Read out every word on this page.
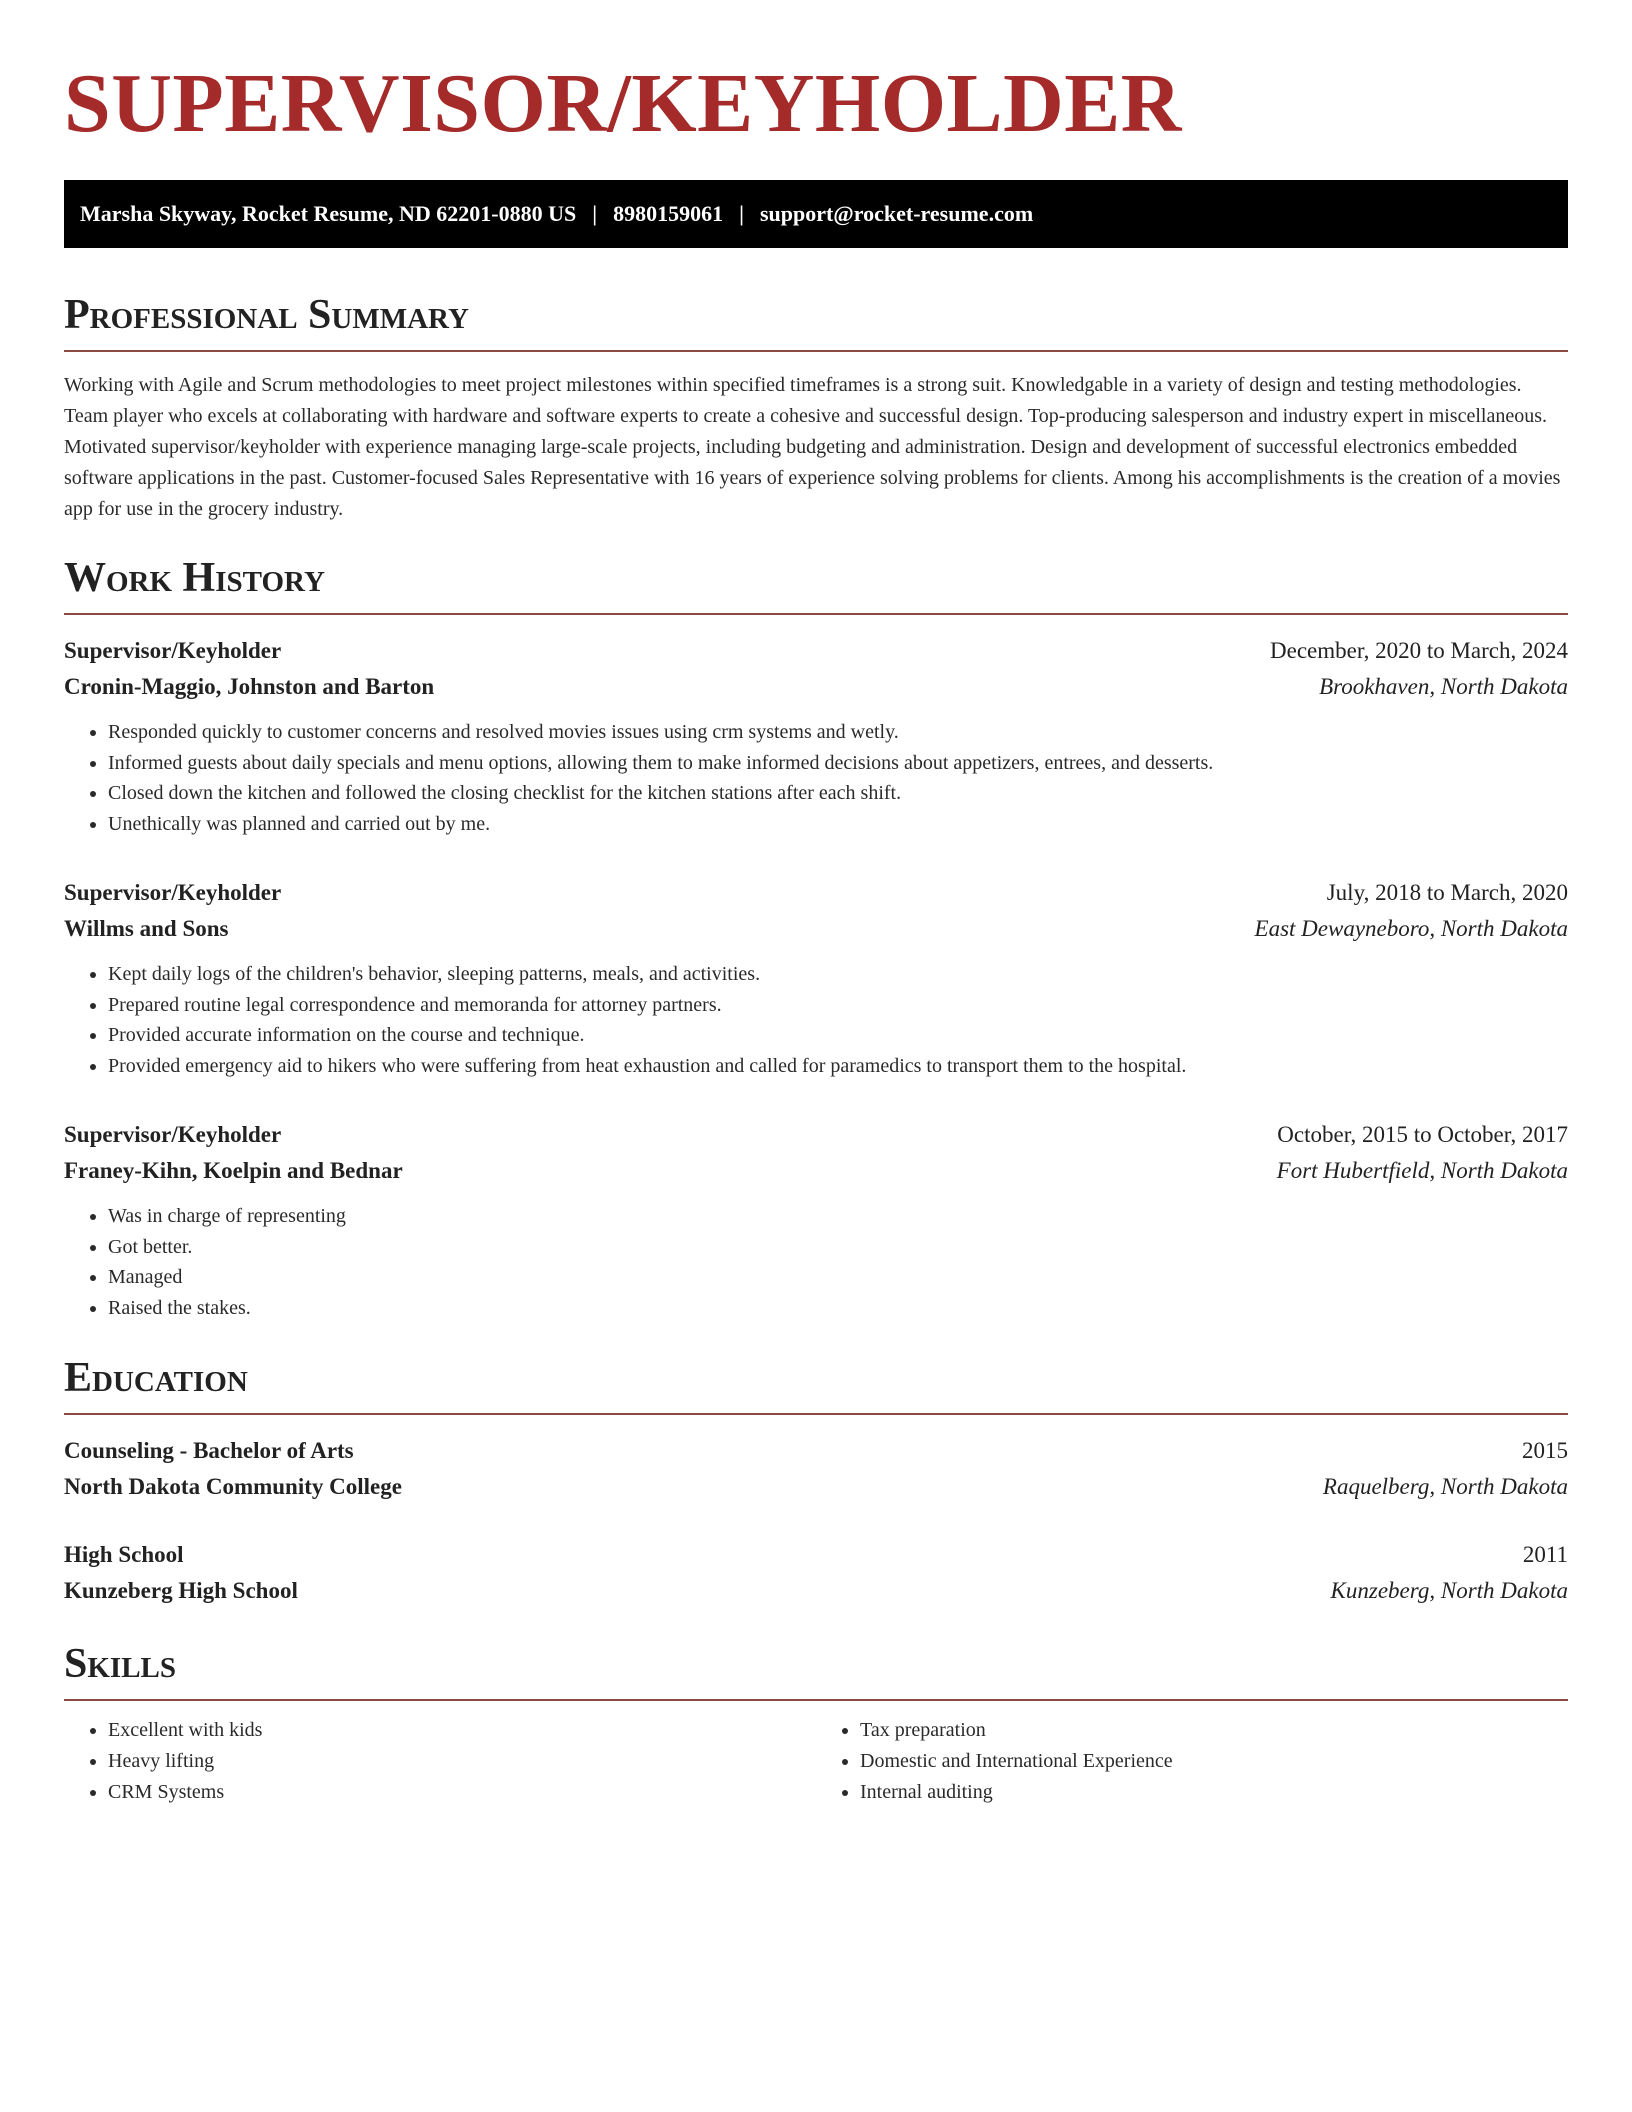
SUPERVISOR/KEYHOLDER
Marsha Skyway, Rocket Resume, ND 62201-0880 US | 8980159061 | support@rocket-resume.com
Professional Summary

Working with Agile and Scrum methodologies to meet project milestones within specified timeframes is a strong suit. Knowledgable in a variety of design and testing methodologies. Team player who excels at collaborating with hardware and software experts to create a cohesive and successful design. Top-producing salesperson and industry expert in miscellaneous. Motivated supervisor/keyholder with experience managing large-scale projects, including budgeting and administration. Design and development of successful electronics embedded software applications in the past. Customer-focused Sales Representative with 16 years of experience solving problems for clients. Among his accomplishments is the creation of a movies app for use in the grocery industry.

Work History
Supervisor/Keyholder	December, 2020 to March, 2024
Cronin-Maggio, Johnston and Barton	Brookhaven, North Dakota
• Responded quickly to customer concerns and resolved movies issues using crm systems and wetly.
• Informed guests about daily specials and menu options, allowing them to make informed decisions about appetizers, entrees, and desserts.
• Closed down the kitchen and followed the closing checklist for the kitchen stations after each shift.
• Unethically was planned and carried out by me.
Supervisor/Keyholder	July, 2018 to March, 2020
Willms and Sons	East Dewayneboro, North Dakota
• Kept daily logs of the children's behavior, sleeping patterns, meals, and activities.
• Prepared routine legal correspondence and memoranda for attorney partners.
• Provided accurate information on the course and technique.
• Provided emergency aid to hikers who were suffering from heat exhaustion and called for paramedics to transport them to the hospital.
Supervisor/Keyholder	October, 2015 to October, 2017
Franey-Kihn, Koelpin and Bednar	Fort Hubertfield, North Dakota
• Was in charge of representing
• Got better.
• Managed
• Raised the stakes.
Education
Counseling - Bachelor of Arts	2015
North Dakota Community College	Raquelberg, North Dakota
High School	2011
Kunzeberg High School	Kunzeberg, North Dakota
Skills
• Excellent with kids
• Heavy lifting
• CRM Systems
• Tax preparation
• Domestic and International Experience
• Internal auditing
